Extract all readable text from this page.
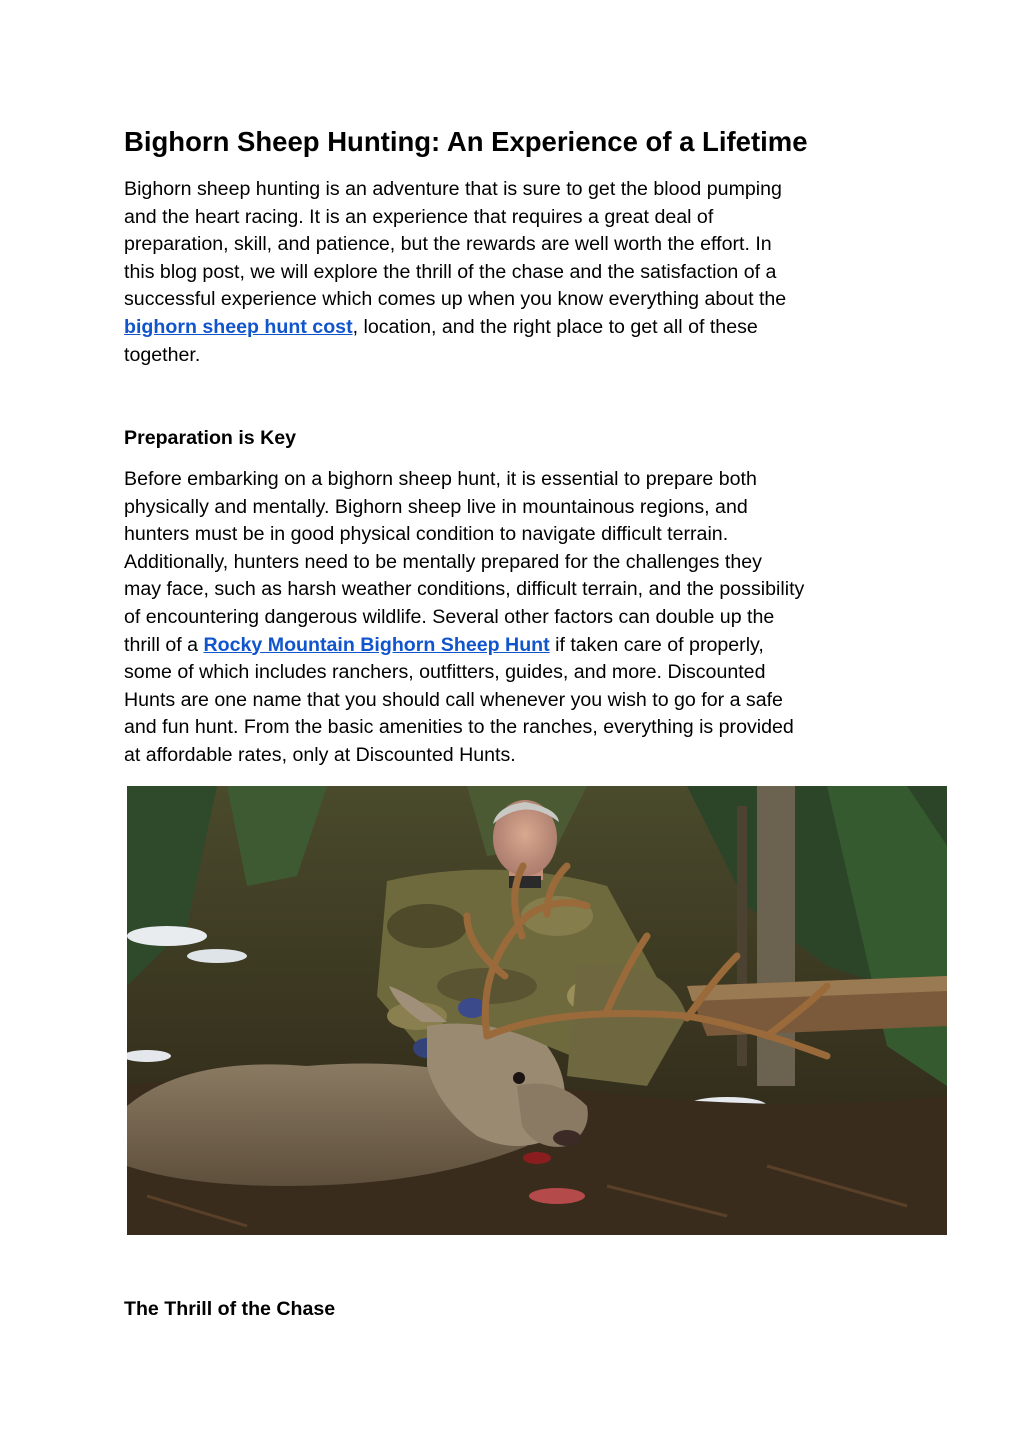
Bighorn Sheep Hunting: An Experience of a Lifetime

Bighorn sheep hunting is an adventure that is sure to get the blood pumping
and the heart racing. It is an experience that requires a great deal of
preparation, skill, and patience, but the rewards are well worth the effort. In
this blog post, we will explore the thrill of the chase and the satisfaction of a
successful experience which comes up when you know everything about the
bighorn sheep hunt cost, location, and the right place to get all of these
together.

Preparation is Key

Before embarking on a bighorn sheep hunt, it is essential to prepare both
physically and mentally. Bighorn sheep live in mountainous regions, and
hunters must be in good physical condition to navigate difficult terrain.
Additionally, hunters need to be mentally prepared for the challenges they
may face, such as harsh weather conditions, difficult terrain, and the possibility
of encountering dangerous wildlife. Several other factors can double up the
thrill of a Rocky Mountain Bighorn Sheep Hunt if taken care of properly,
some of which includes ranchers, outfitters, guides, and more. Discounted
Hunts are one name that you should call whenever you wish to go for a safe
and fun hunt. From the basic amenities to the ranches, everything is provided
at affordable rates, only at Discounted Hunts.

The Thrill of the Chase
